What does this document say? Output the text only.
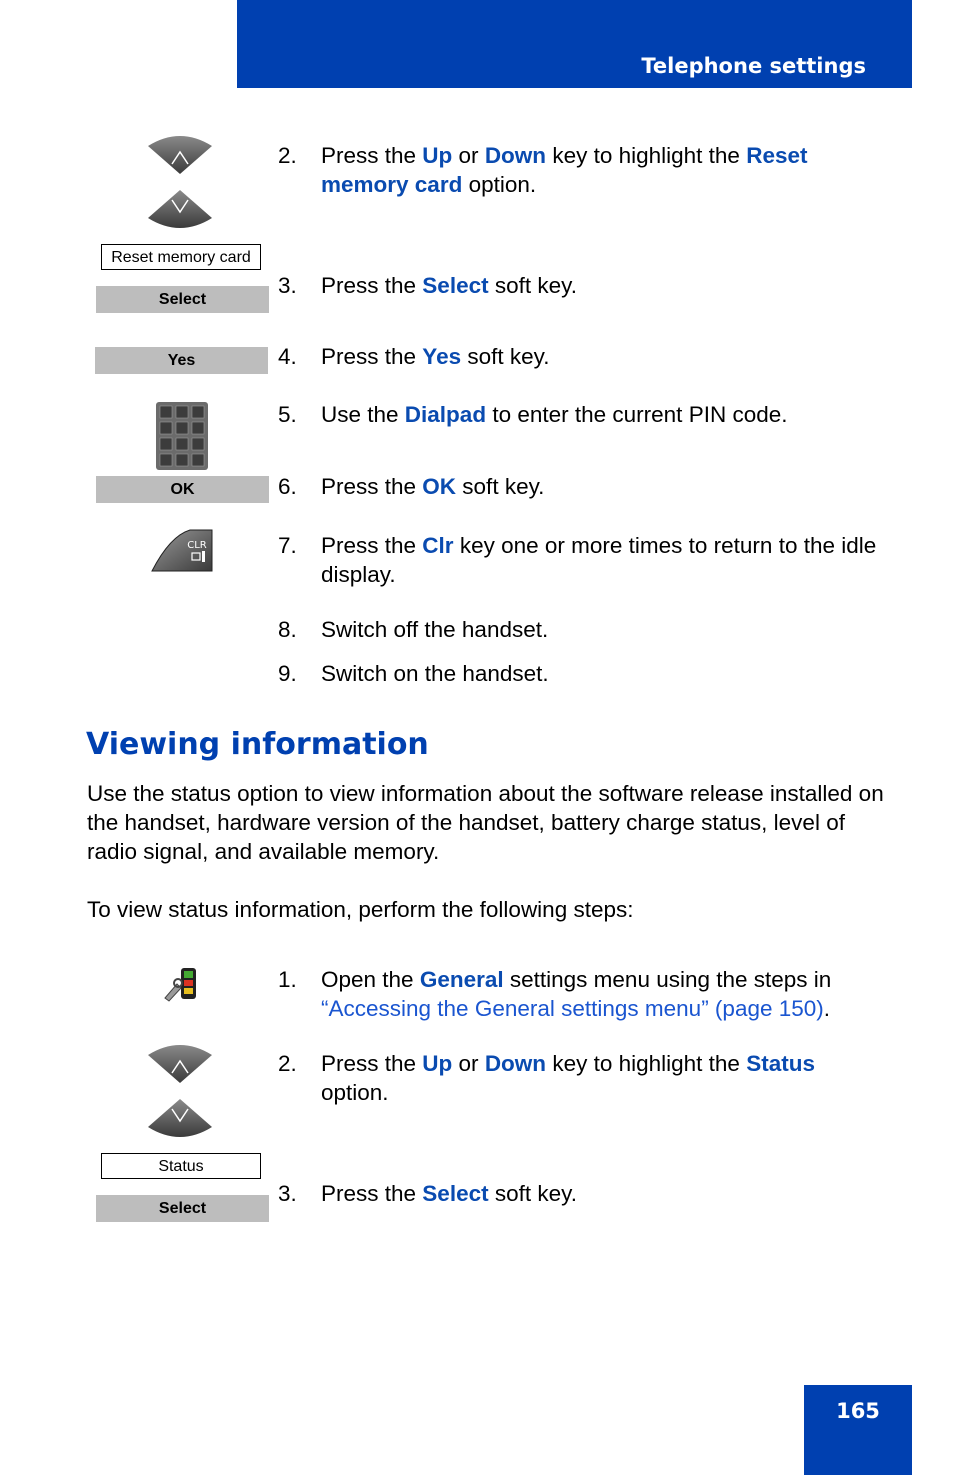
Telephone settings
Reset memory card
Select
Yes
OK
CLR
2. Press the Up or Down key to highlight the Reset memory card option.
3. Press the Select soft key.
4. Press the Yes soft key.
5. Use the Dialpad to enter the current PIN code.
6. Press the OK soft key.
7. Press the Clr key one or more times to return to the idle display.
8. Switch off the handset.
9. Switch on the handset.
Viewing information
Use the status option to view information about the software release installed on the handset, hardware version of the handset, battery charge status, level of radio signal, and available memory.
To view status information, perform the following steps:
Status
Select
1. Open the General settings menu using the steps in “Accessing the General settings menu” (page 150).
2. Press the Up or Down key to highlight the Status option.
3. Press the Select soft key.
165
